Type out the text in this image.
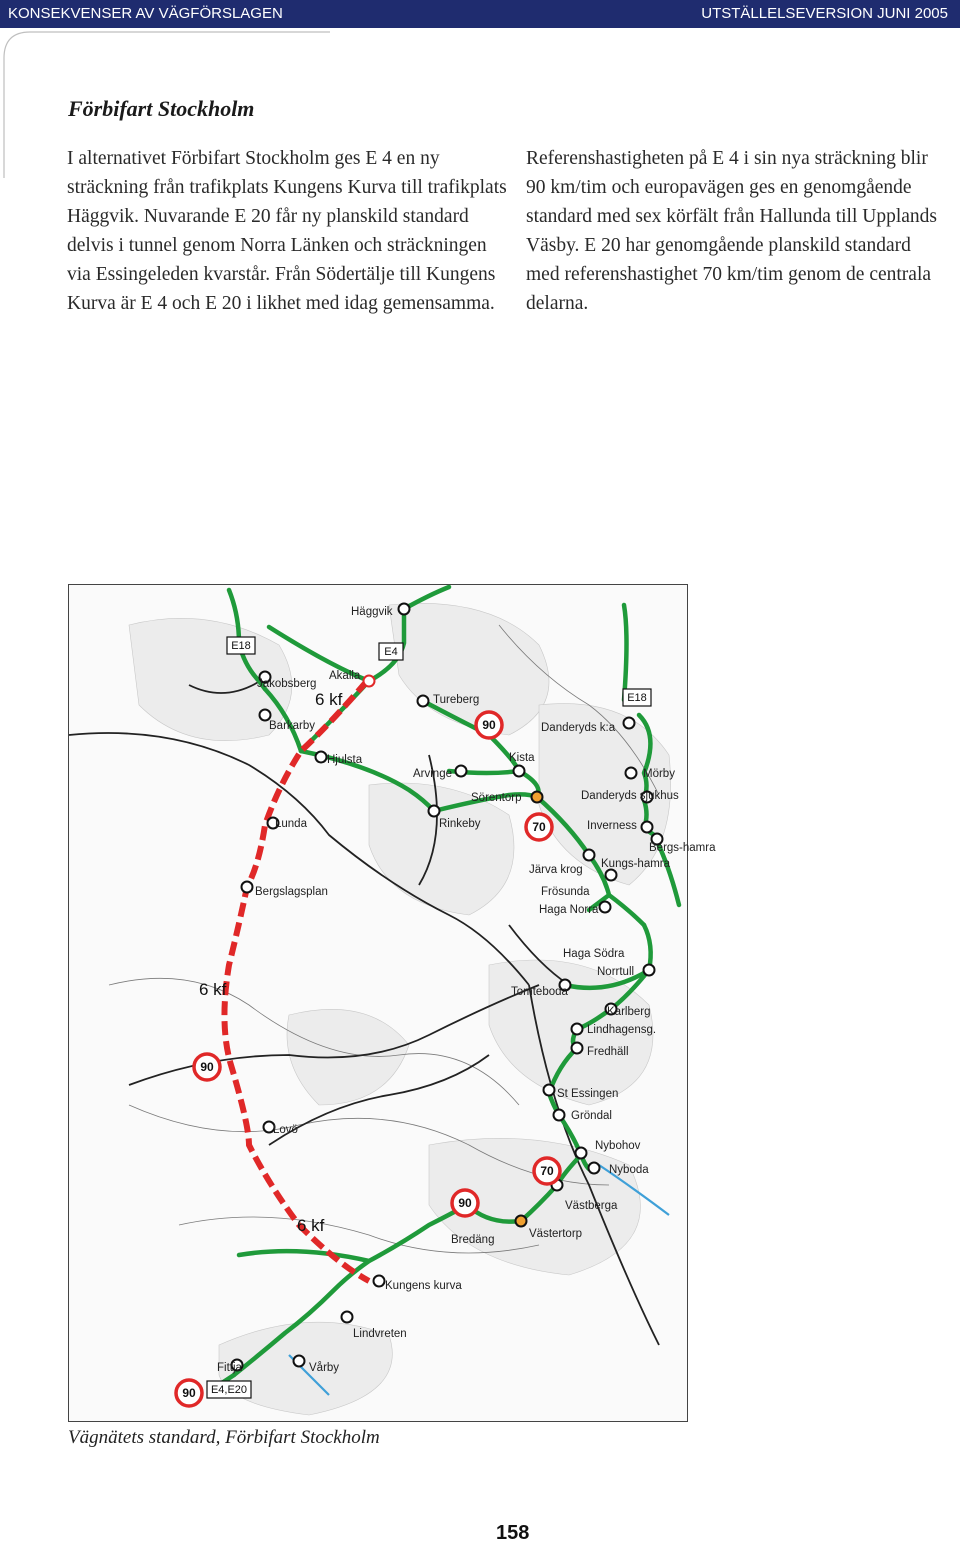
KONSEKVENSER AV VÄGFÖRSLAGEN	UTSTÄLLELSEVERSION JUNI 2005
Förbifart Stockholm

I alternativet Förbifart Stockholm ges E 4 en ny sträckning från trafikplats Kungens Kurva till trafikplats Häggvik. Nuvarande E 20 får ny planskild standard delvis i tunnel genom Norra Länken och sträckningen via Essingeleden kvarstår. Från Södertälje till Kungens Kurva är E 4 och E 20 i likhet med idag gemensamma.

Referenshastigheten på E 4 i sin nya sträckning blir 90 km/tim och europavägen ges en genomgående standard med sex körfält från Hallunda till Upplands Väsby. E 20 har genomgående planskild standard med referenshastighet 70 km/tim genom de centrala delarna.

E18	E4
E18
E4,E20
6 kf
6 kf
6 kf
90
70
90
70
90
90
Häggvik
Jakobsberg
Akalla
Tureberg
Barkarby	Danderyds k:a
Hjulsta	Kista
Arvinge	Mörby
Sörentorp	Danderyds sjukhus
Lunda	Rinkeby	Inverness
Bergs-hamra
Järva krog Kungs-hamra
Bergslagsplan	Frösunda
Haga Norra
Haga Södra
Norrtull
Tomteboda
Karlberg
Lindhagensg.
Fredhäll
St Essingen
Gröndal
Lovö
Nybohov
Nyboda
Västberga
Västertorp
Bredäng
Kungens kurva
Lindvreten
Fittja	Vårby
Vägnätets standard, Förbifart Stockholm
158
